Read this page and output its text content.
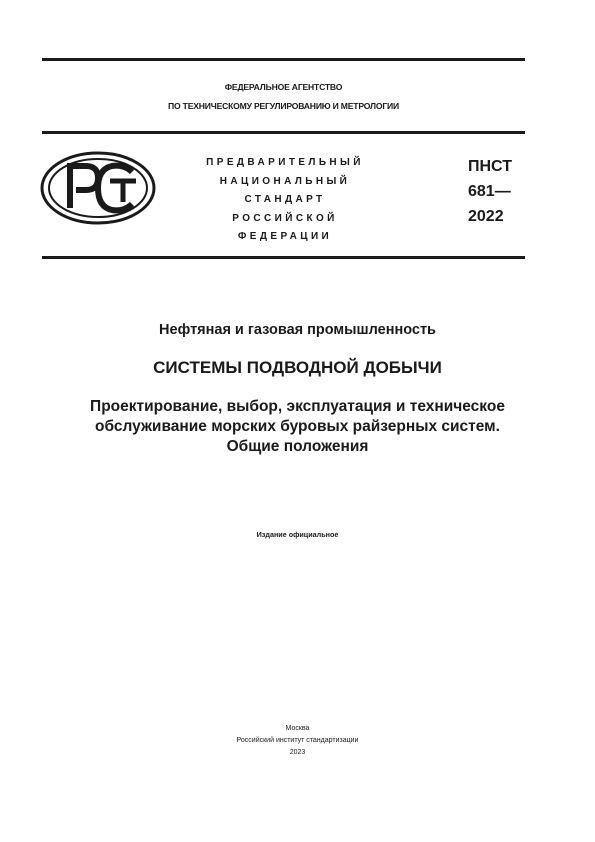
ФЕДЕРАЛЬНОЕ АГЕНТСТВО
ПО ТЕХНИЧЕСКОМУ РЕГУЛИРОВАНИЮ И МЕТРОЛОГИИ
ПРЕДВАРИТЕЛЬНЫЙ
НАЦИОНАЛЬНЫЙ
СТАНДАРТ
РОССИЙСКОЙ
ФЕДЕРАЦИИ
ПНСТ
681—
2022
Нефтяная и газовая промышленность
СИСТЕМЫ ПОДВОДНОЙ ДОБЫЧИ
Проектирование, выбор, эксплуатация и техническое
обслуживание морских буровых райзерных систем.
Общие положения
Издание официальное
Москва
Российский институт стандартизации
2023
